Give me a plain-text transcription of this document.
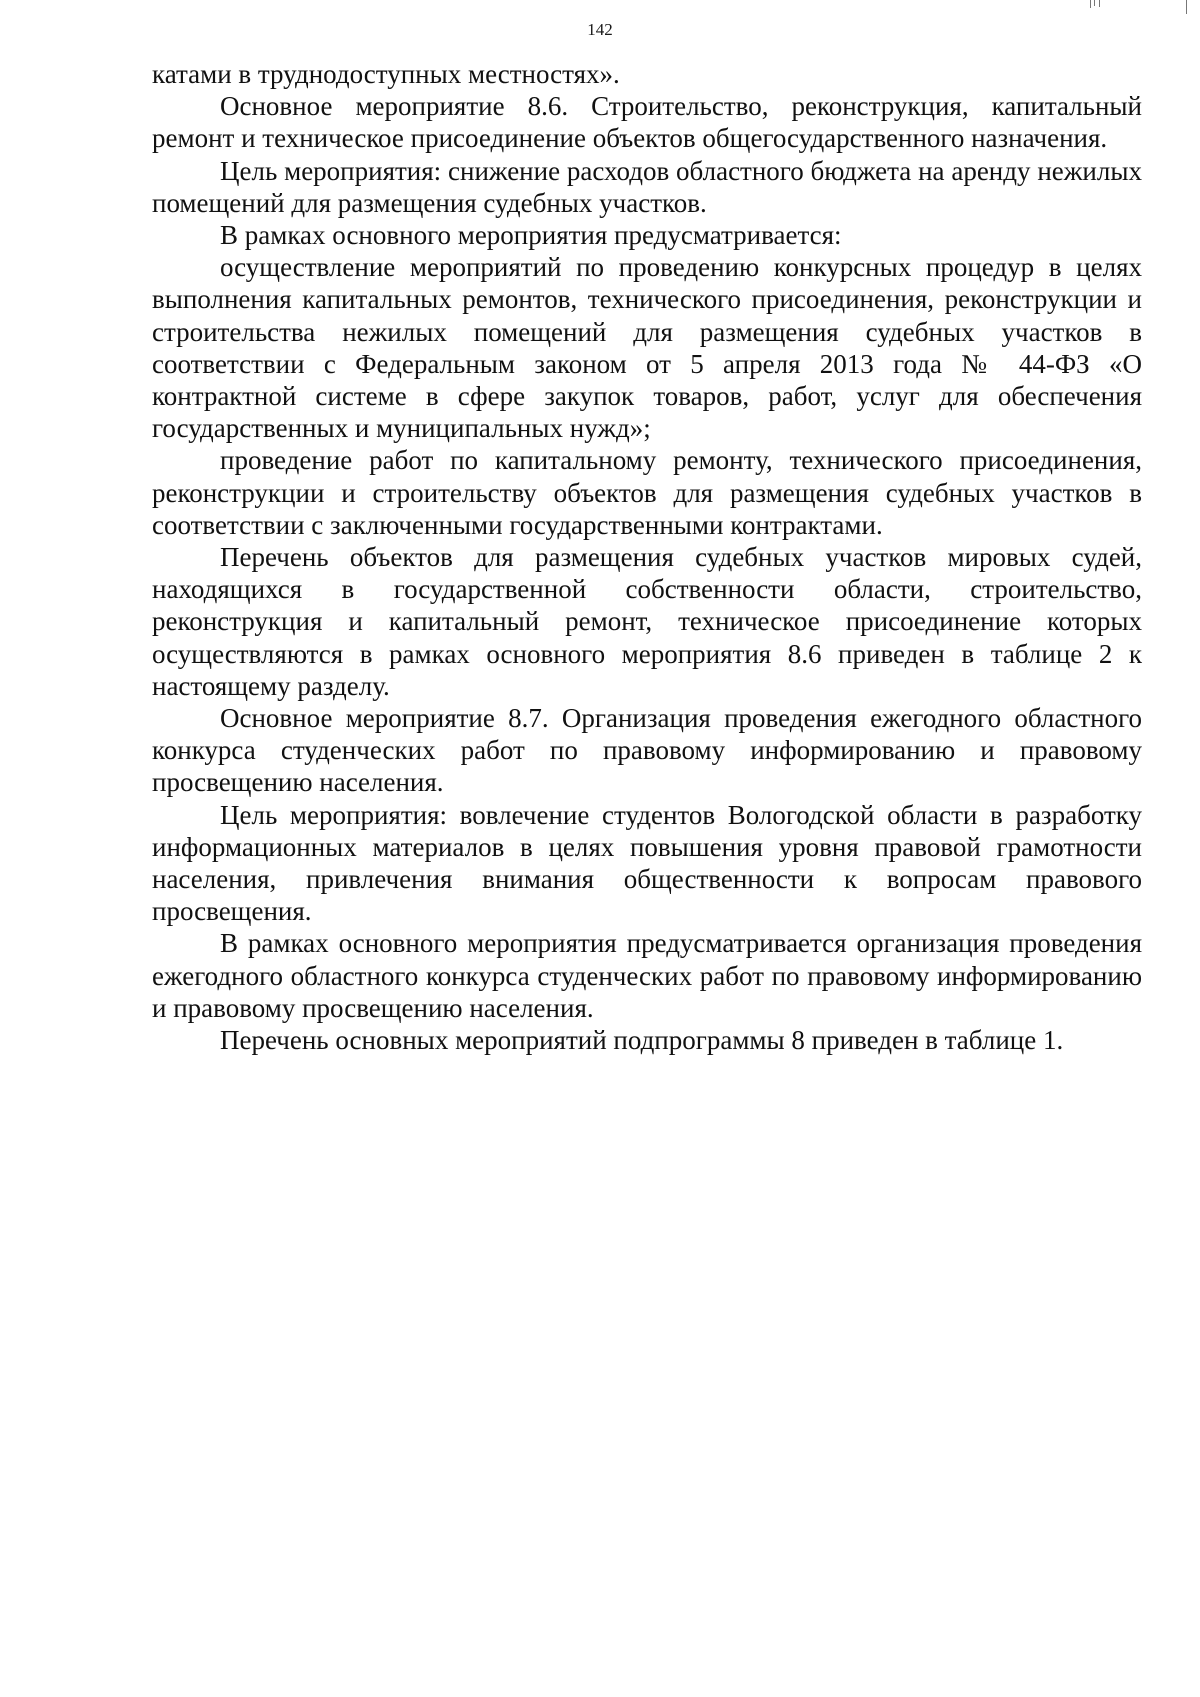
142

катами в труднодоступных местностях».

Основное мероприятие 8.6. Строительство, реконструкция, капитальный ремонт и техническое присоединение объектов общегосударственного назначения.

Цель мероприятия: снижение расходов областного бюджета на аренду нежилых помещений для размещения судебных участков.

В рамках основного мероприятия предусматривается:

осуществление мероприятий по проведению конкурсных процедур в целях выполнения капитальных ремонтов, технического присоединения, реконструкции и строительства нежилых помещений для размещения судебных участков в соответствии с Федеральным законом от 5 апреля 2013 года № 44-ФЗ «О контрактной системе в сфере закупок товаров, работ, услуг для обеспечения государственных и муниципальных нужд»;

проведение работ по капитальному ремонту, технического присоединения, реконструкции и строительству объектов для размещения судебных участков в соответствии с заключенными государственными контрактами.

Перечень объектов для размещения судебных участков мировых судей, находящихся в государственной собственности области, строительство, реконструкция и капитальный ремонт, техническое присоединение которых осуществляются в рамках основного мероприятия 8.6 приведен в таблице 2 к настоящему разделу.

Основное мероприятие 8.7. Организация проведения ежегодного областного конкурса студенческих работ по правовому информированию и правовому просвещению населения.

Цель мероприятия: вовлечение студентов Вологодской области в разработку информационных материалов в целях повышения уровня правовой грамотности населения, привлечения внимания общественности к вопросам правового просвещения.

В рамках основного мероприятия предусматривается организация проведения ежегодного областного конкурса студенческих работ по правовому информированию и правовому просвещению населения.

Перечень основных мероприятий подпрограммы 8 приведен в таблице 1.
